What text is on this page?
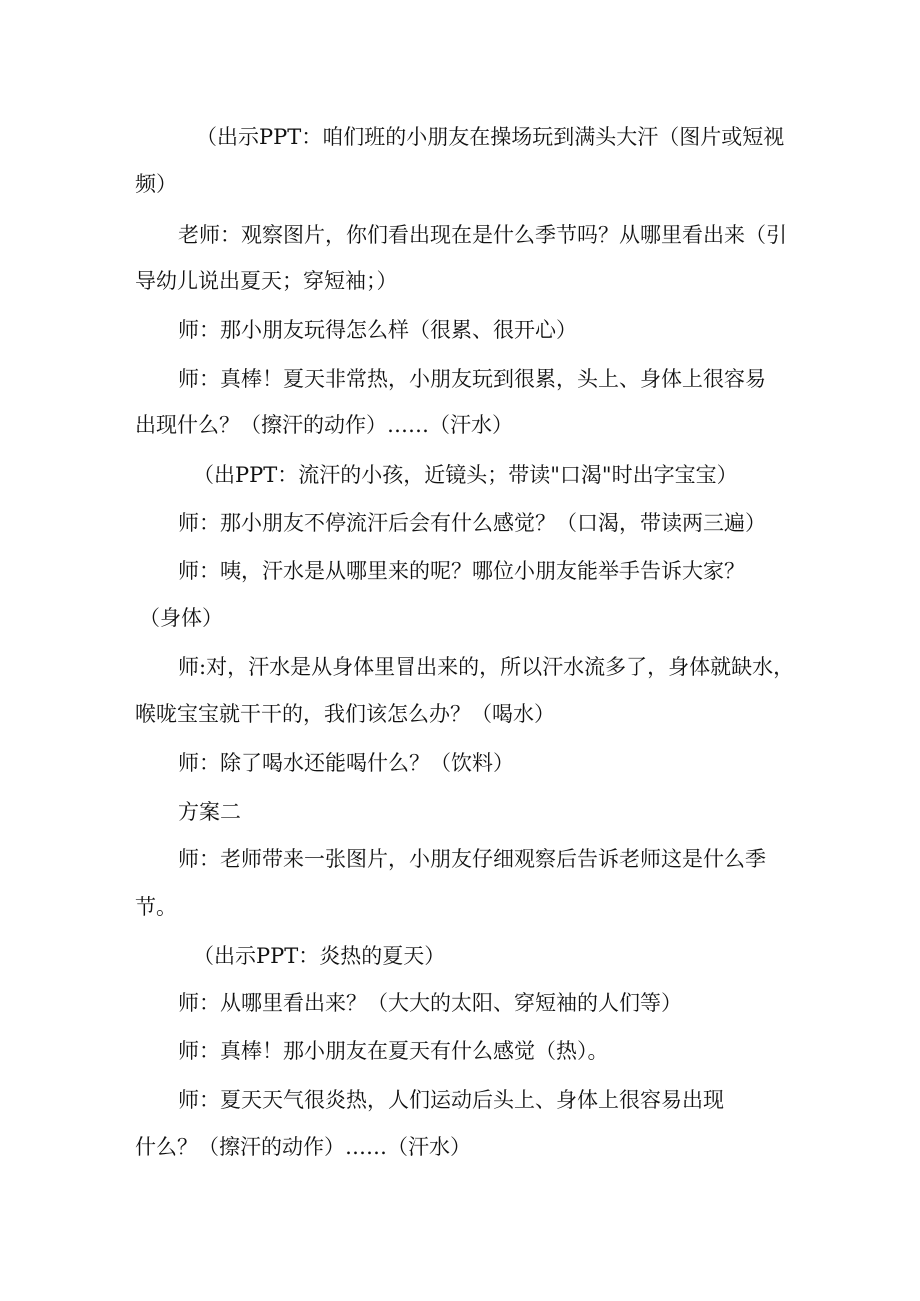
（出示PPT：咱们班的小朋友在操场玩到满头大汗（图片或短视
频）
老师：观察图片，你们看出现在是什么季节吗？从哪里看出来（引
导幼儿说出夏天；穿短袖；）
师：那小朋友玩得怎么样（很累、很开心）
师：真棒！夏天非常热，小朋友玩到很累，头上、身体上很容易
出现什么？（擦汗的动作）……（汗水）
（出PPT：流汗的小孩，近镜头；带读"口渴"时出字宝宝）
师：那小朋友不停流汗后会有什么感觉？（口渴，带读两三遍）
师：咦，汗水是从哪里来的呢？哪位小朋友能举手告诉大家？
（身体）
师:对，汗水是从身体里冒出来的，所以汗水流多了，身体就缺水，
喉咙宝宝就干干的，我们该怎么办？（喝水）
师：除了喝水还能喝什么？（饮料）
方案二
师：老师带来一张图片，小朋友仔细观察后告诉老师这是什么季
节。
（出示PPT：炎热的夏天）
师：从哪里看出来？（大大的太阳、穿短袖的人们等）
师：真棒！那小朋友在夏天有什么感觉（热）。
师：夏天天气很炎热，人们运动后头上、身体上很容易出现
什么？（擦汗的动作）……（汗水）
